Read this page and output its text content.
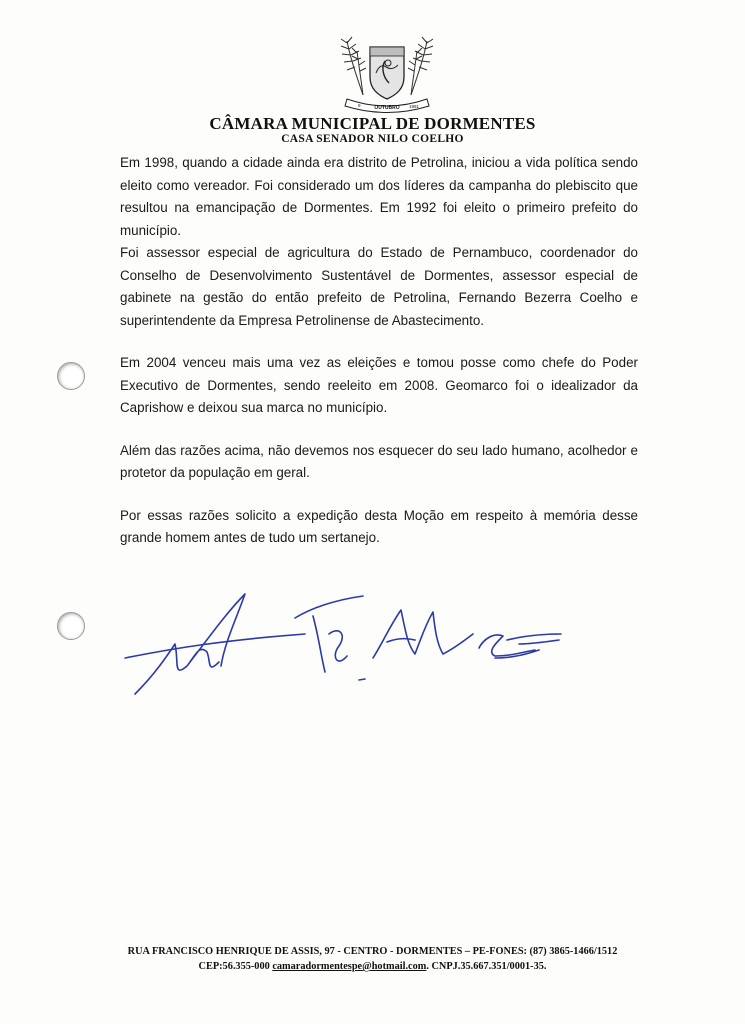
9	OUTUBRO 1991
CÂMARA MUNICIPAL DE DORMENTES
CASA SENADOR NILO COELHO

Em 1998, quando a cidade ainda era distrito de Petrolina, iniciou a vida política sendo eleito como vereador. Foi considerado um dos líderes da campanha do plebiscito que resultou na emancipação de Dormentes. Em 1992 foi eleito o primeiro prefeito do município.

Foi assessor especial de agricultura do Estado de Pernambuco, coordenador do Conselho de Desenvolvimento Sustentável de Dormentes, assessor especial de gabinete na gestão do então prefeito de Petrolina, Fernando Bezerra Coelho e superintendente da Empresa Petrolinense de Abastecimento.

Em 2004 venceu mais uma vez as eleições e tomou posse como chefe do Poder Executivo de Dormentes, sendo reeleito em 2008. Geomarco foi o idealizador da Caprishow e deixou sua marca no município.

Além das razões acima, não devemos nos esquecer do seu lado humano, acolhedor e protetor da população em geral.

Por essas razões solicito a expedição desta Moção em respeito à memória desse grande homem antes de tudo um sertanejo.

RUA FRANCISCO HENRIQUE DE ASSIS, 97 - CENTRO - DORMENTES – PE-FONES: (87) 3865-1466/1512
CEP:56.355-000 camaradormentespe@hotmail.com. CNPJ.35.667.351/0001-35.
